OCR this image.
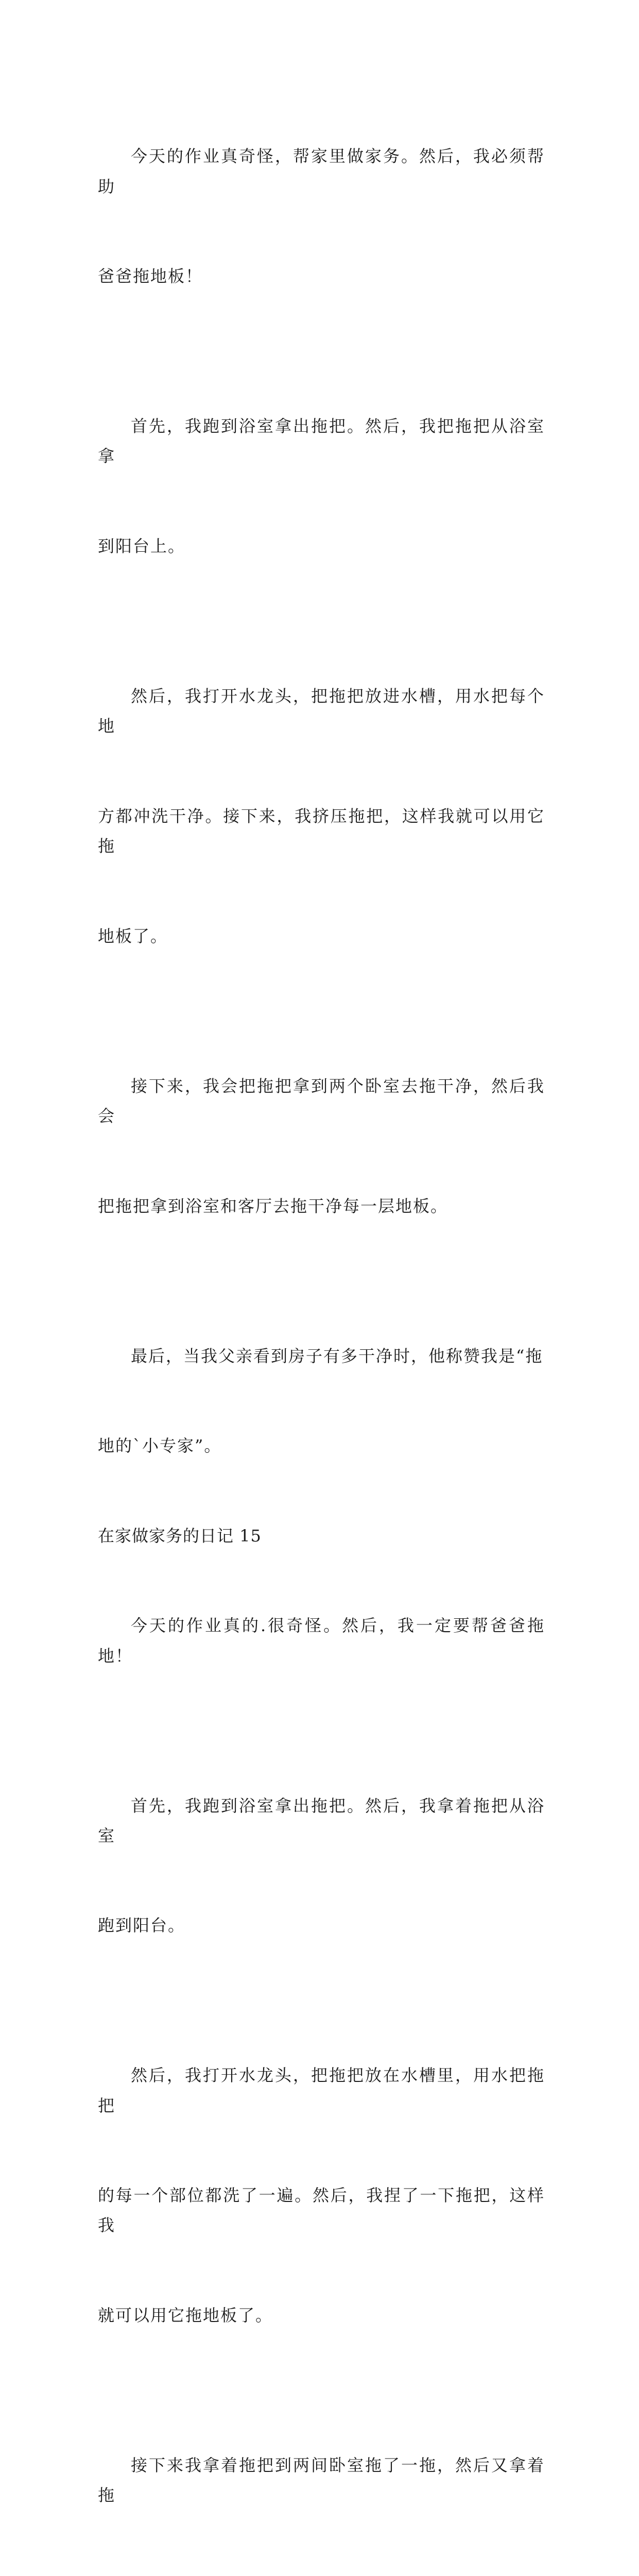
今天的作业真奇怪，帮家里做家务。然后，我必须帮助

爸爸拖地板！

首先，我跑到浴室拿出拖把。然后，我把拖把从浴室拿

到阳台上。

然后，我打开水龙头，把拖把放进水槽，用水把每个地

方都冲洗干净。接下来，我挤压拖把，这样我就可以用它拖

地板了。

接下来，我会把拖把拿到两个卧室去拖干净，然后我会

把拖把拿到浴室和客厅去拖干净每一层地板。

最后，当我父亲看到房子有多干净时，他称赞我是“拖

地的`小专家”。

在家做家务的日记 15

今天的作业真的.很奇怪。然后，我一定要帮爸爸拖地！

首先，我跑到浴室拿出拖把。然后，我拿着拖把从浴室

跑到阳台。

然后，我打开水龙头，把拖把放在水槽里，用水把拖把

的每一个部位都洗了一遍。然后，我捏了一下拖把，这样我

就可以用它拖地板了。

接下来我拿着拖把到两间卧室拖了一拖，然后又拿着拖
